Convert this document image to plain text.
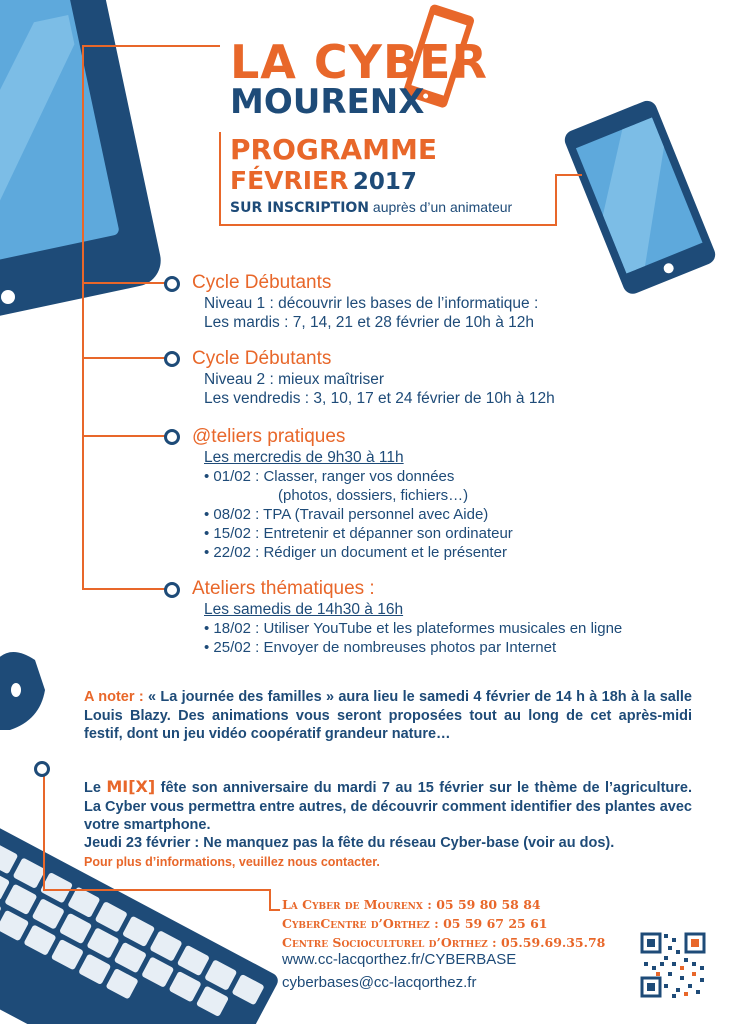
LA CYBER
MOURENX
PROGRAMME
FÉVRIER 2017
SUR INSCRIPTION auprès d’un animateur
Cycle Débutants
Niveau 1 : découvrir les bases de l’informatique :
Les mardis : 7, 14, 21 et 28 février de 10h à 12h
Cycle Débutants
Niveau 2 : mieux maîtriser
Les vendredis : 3, 10, 17 et 24 février de 10h à 12h
@teliers pratiques
Les mercredis de 9h30 à 11h
• 01/02 : Classer, ranger vos données
(photos, dossiers, fichiers…)
• 08/02 : TPA (Travail personnel avec Aide)
• 15/02 : Entretenir et dépanner son ordinateur
• 22/02 : Rédiger un document et le présenter
Ateliers thématiques :
Les samedis de 14h30 à 16h
• 18/02 : Utiliser YouTube et les plateformes musicales en ligne
• 25/02 : Envoyer de nombreuses photos par Internet
A noter : « La journée des familles » aura lieu le samedi 4 février de 14 h à 18h à la salle Louis Blazy. Des animations vous seront proposées tout au long de cet après-midi festif, dont un jeu vidéo coopératif grandeur nature…
Le MI[X] fête son anniversaire du mardi 7 au 15 février sur le thème de l’agriculture. La Cyber vous permettra entre autres, de découvrir comment identifier des plantes avec votre smartphone.
Jeudi 23 février : Ne manquez pas la fête du réseau Cyber-base (voir au dos).
Pour plus d’informations, veuillez nous contacter.
La Cyber de Mourenx : 05 59 80 58 84
CyberCentre d’Orthez : 05 59 67 25 61
Centre Socioculturel d’Orthez : 05.59.69.35.78
www.cc-lacqorthez.fr/CYBERBASE
cyberbases@cc-lacqorthez.fr
